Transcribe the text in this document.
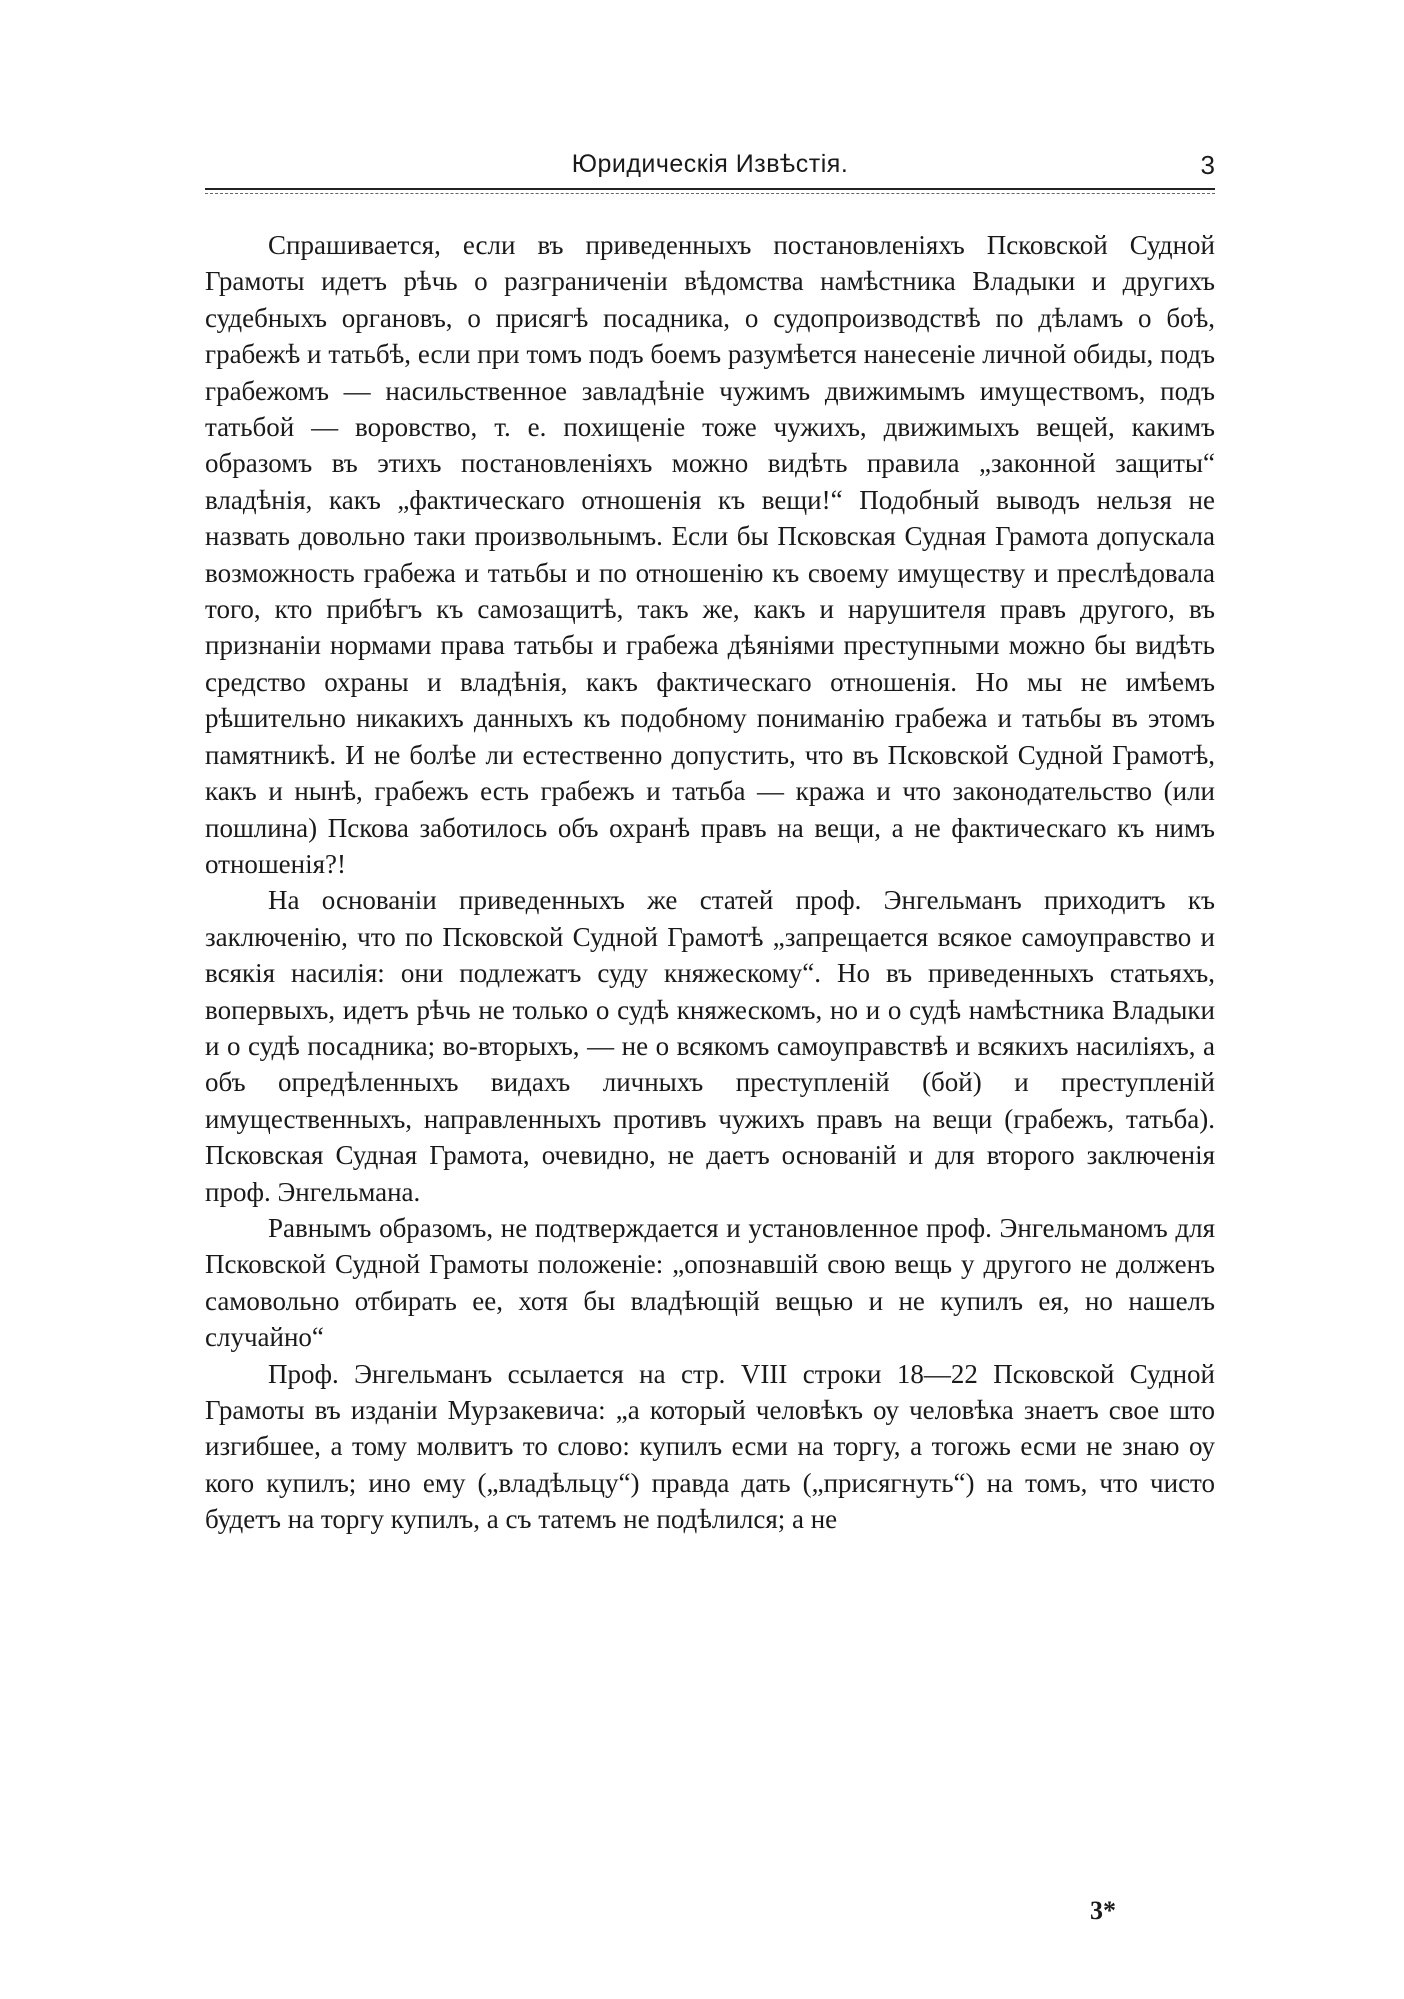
Юридическія Извѣстія.	3

Спрашивается, если въ приведенныхъ постановленіяхъ Псковской Судной Грамоты идетъ рѣчь о разграниченіи вѣдомства намѣстника Владыки и другихъ судебныхъ органовъ, о присягѣ посадника, о судопроизводствѣ по дѣламъ о боѣ, грабежѣ и татьбѣ, если при томъ подъ боемъ разумѣется нанесеніе личной обиды, подъ грабежомъ — насильственное завладѣніе чужимъ движимымъ имуществомъ, подъ татьбой — воровство, т. е. похищеніе тоже чужихъ, движимыхъ вещей, какимъ образомъ въ этихъ постановленіяхъ можно видѣть правила „законной защиты“ владѣнія, какъ „фактическаго отношенія къ вещи!“ Подобный выводъ нельзя не назвать довольно таки произвольнымъ. Если бы Псковская Судная Грамота допускала возможность грабежа и татьбы и по отношенію къ своему имуществу и преслѣдовала того, кто прибѣгъ къ самозащитѣ, такъ же, какъ и нарушителя правъ другого, въ признаніи нормами права татьбы и грабежа дѣяніями преступными можно бы видѣть средство охраны и владѣнія, какъ фактическаго отношенія. Но мы не имѣемъ рѣшительно никакихъ данныхъ къ подобному пониманію грабежа и татьбы въ этомъ памятникѣ. И не болѣе ли естественно допустить, что въ Псковской Судной Грамотѣ, какъ и нынѣ, грабежъ есть грабежъ и татьба — кража и что законодательство (или пошлина) Пскова заботилось объ охранѣ правъ на вещи, а не фактическаго къ нимъ отношенія?!

На основаніи приведенныхъ же статей проф. Энгельманъ приходитъ къ заключенію, что по Псковской Судной Грамотѣ „запрещается всякое самоуправство и всякія насилія: они подлежатъ суду княжескому“. Но въ приведенныхъ статьяхъ, вопервыхъ, идетъ рѣчь не только о судѣ княжескомъ, но и о судѣ намѣстника Владыки и о судѣ посадника; во-вторыхъ, — не о всякомъ самоуправствѣ и всякихъ насиліяхъ, а объ опредѣленныхъ видахъ личныхъ преступленій (бой) и преступленій имущественныхъ, направленныхъ противъ чужихъ правъ на вещи (грабежъ, татьба). Псковская Судная Грамота, очевидно, не даетъ основаній и для второго заключенія проф. Энгельмана.

Равнымъ образомъ, не подтверждается и установленное проф. Энгельманомъ для Псковской Судной Грамоты положеніе: „опознавшій свою вещь у другого не долженъ самовольно отбирать ее, хотя бы владѣющій вещью и не купилъ ея, но нашелъ случайно“

Проф. Энгельманъ ссылается на стр. VIII строки 18—22 Псковской Судной Грамоты въ изданіи Мурзакевича: „а который человѣкъ оу человѣка знаетъ свое што изгибшее, а тому молвитъ то слово: купилъ есми на торгу, а тогожь есми не знаю оу кого купилъ; ино ему („владѣльцу“) правда дать („присягнуть“) на томъ, что чисто будетъ на торгу купилъ, а съ татемъ не подѣлился; а не

3*
